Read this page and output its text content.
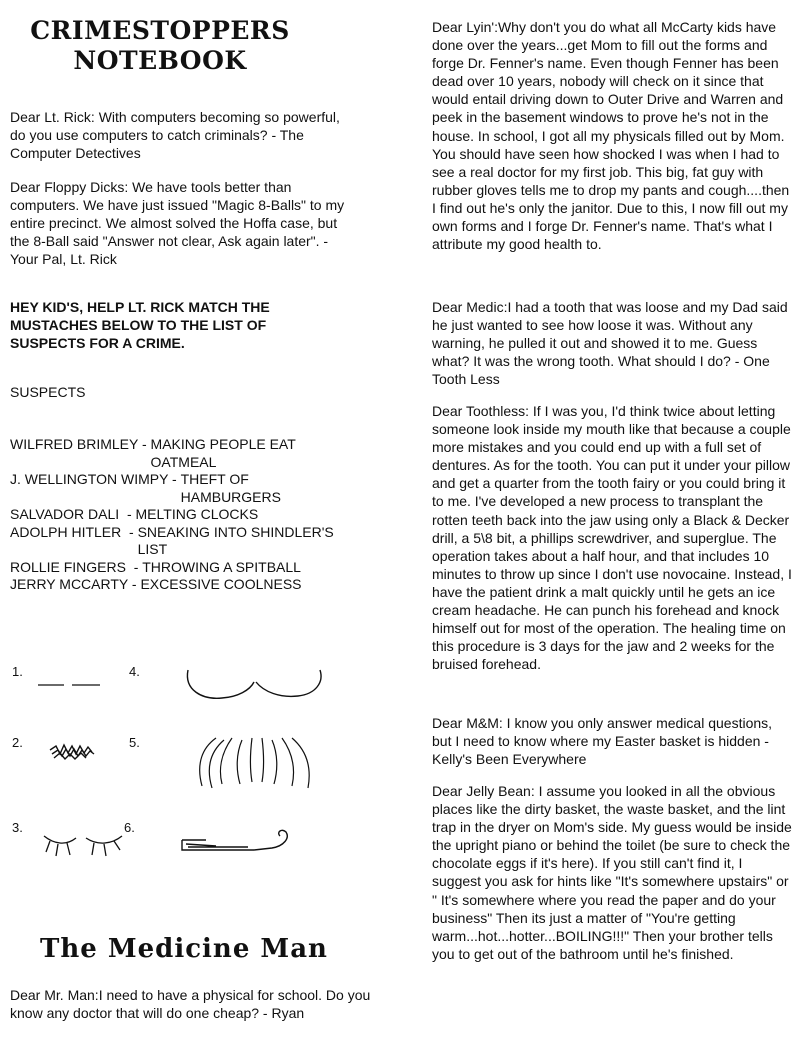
CRIMESTOPPERS
NOTEBOOK

Dear Lt. Rick: With computers becoming so powerful, do you use computers to catch criminals? - The Computer Detectives

Dear Floppy Dicks: We have tools better than computers. We have just issued "Magic 8-Balls" to my entire precinct. We almost solved the Hoffa case, but the 8-Ball said "Answer not clear, Ask again later". - Your Pal, Lt. Rick

HEY KID'S, HELP LT. RICK MATCH THE MUSTACHES BELOW TO THE LIST OF SUSPECTS FOR A CRIME.

SUSPECTS
WILFRED BRIMLEY - MAKING PEOPLE EAT
OATMEAL
J. WELLINGTON WIMPY - THEFT OF
HAMBURGERS
SALVADOR DALI  - MELTING CLOCKS
ADOLPH HITLER  - SNEAKING INTO SHINDLER'S
LIST
ROLLIE FINGERS  - THROWING A SPITBALL
JERRY MCCARTY - EXCESSIVE COOLNESS
1.	4.
2.	5.
3.	6.
The Medicine Man

Dear Mr. Man:I need to have a physical for school. Do you know any doctor that will do one cheap? - Ryan

Dear Lyin':Why don't you do what all McCarty kids have done over the years...get Mom to fill out the forms and forge Dr. Fenner's name. Even though Fenner has been dead over 10 years, nobody will check on it since that would entail driving down to Outer Drive and Warren and peek in the basement windows to prove he's not in the house. In school, I got all my physicals filled out by Mom. You should have seen how shocked I was when I had to see a real doctor for my first job. This big, fat guy with rubber gloves tells me to drop my pants and cough....then I find out he's only the janitor. Due to this, I now fill out my own forms and I forge Dr. Fenner's name. That's what I attribute my good health to.

Dear Medic:I had a tooth that was loose and my Dad said he just wanted to see how loose it was. Without any warning, he pulled it out and showed it to me. Guess what? It was the wrong tooth. What should I do? - One Tooth Less

Dear Toothless: If I was you, I'd think twice about letting someone look inside my mouth like that because a couple more mistakes and you could end up with a full set of dentures. As for the tooth. You can put it under your pillow and get a quarter from the tooth fairy or you could bring it to me. I've developed a new process to transplant the rotten teeth back into the jaw using only a Black & Decker drill, a 5\8 bit, a phillips screwdriver, and superglue. The operation takes about a half hour, and that includes 10 minutes to throw up since I don't use novocaine. Instead, I have the patient drink a malt quickly until he gets an ice cream headache. He can punch his forehead and knock himself out for most of the operation. The healing time on this procedure is 3 days for the jaw and 2 weeks for the bruised forehead.

Dear M&M: I know you only answer medical questions, but I need to know where my Easter basket is hidden - Kelly's Been Everywhere

Dear Jelly Bean: I assume you looked in all the obvious places like the dirty basket, the waste basket, and the lint trap in the dryer on Mom's side. My guess would be inside the upright piano or behind the toilet (be sure to check the chocolate eggs if it's here). If you still can't find it, I suggest you ask for hints like "It's somewhere upstairs" or " It's somewhere where you read the paper and do your business" Then its just a matter of "You're getting warm...hot...hotter...BOILING!!!" Then your brother tells you to get out of the bathroom until he's finished.
